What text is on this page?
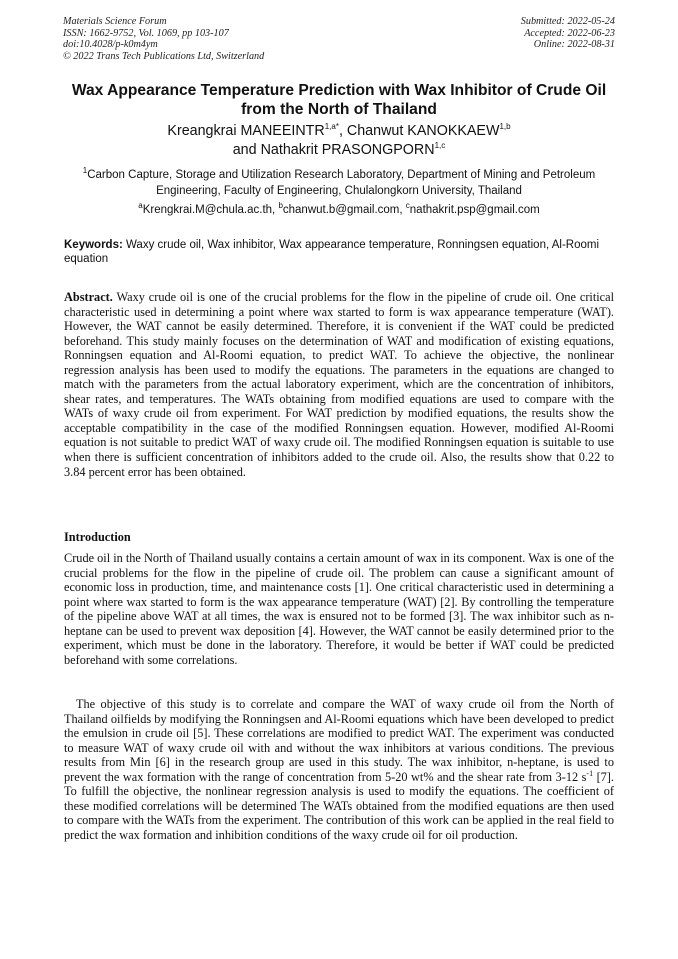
Materials Science Forum
ISSN: 1662-9752, Vol. 1069, pp 103-107
doi:10.4028/p-k0m4ym
© 2022 Trans Tech Publications Ltd, Switzerland
Submitted: 2022-05-24
Accepted: 2022-06-23
Online: 2022-08-31
Wax Appearance Temperature Prediction with Wax Inhibitor of Crude Oil from the North of Thailand
Kreangkrai $MANEEINTR^{1,a*}$, Chanwut KANOKKAEW$^{1,b}$
and Nathakrit PRASONGPORN$^{1,c}$
$^1$Carbon Capture, Storage and Utilization Research Laboratory, Department of Mining and Petroleum Engineering, Faculty of Engineering, Chulalongkorn University, Thailand
$^a$Krengkrai.M@chula.ac.th, $^b$chanwut.b@gmail.com, $^c$nathakrit.psp@gmail.com
Keywords: Waxy crude oil, Wax inhibitor, Wax appearance temperature, Ronningsen equation, Al-Roomi equation

Abstract. Waxy crude oil is one of the crucial problems for the flow in the pipeline of crude oil. One critical characteristic used in determining a point where wax started to form is wax appearance temperature (WAT). However, the WAT cannot be easily determined. Therefore, it is convenient if the WAT could be predicted beforehand. This study mainly focuses on the determination of WAT and modification of existing equations, Ronningsen equation and Al-Roomi equation, to predict WAT. To achieve the objective, the nonlinear regression analysis has been used to modify the equations. The parameters in the equations are changed to match with the parameters from the actual laboratory experiment, which are the concentration of inhibitors, shear rates, and temperatures. The WATs obtaining from modified equations are used to compare with the WATs of waxy crude oil from experiment. For WAT prediction by modified equations, the results show the acceptable compatibility in the case of the modified Ronningsen equation. However, modified Al-Roomi equation is not suitable to predict WAT of waxy crude oil. The modified Ronningsen equation is suitable to use when there is sufficient concentration of inhibitors added to the crude oil. Also, the results show that 0.22 to 3.84 percent error has been obtained.

Introduction

Crude oil in the North of Thailand usually contains a certain amount of wax in its component. Wax is one of the crucial problems for the flow in the pipeline of crude oil. The problem can cause a significant amount of economic loss in production, time, and maintenance costs [1]. One critical characteristic used in determining a point where wax started to form is the wax appearance temperature (WAT) [2]. By controlling the temperature of the pipeline above WAT at all times, the wax is ensured not to be formed [3]. The wax inhibitor such as n-heptane can be used to prevent wax deposition [4]. However, the WAT cannot be easily determined prior to the experiment, which must be done in the laboratory. Therefore, it would be better if WAT could be predicted beforehand with some correlations.

The objective of this study is to correlate and compare the WAT of waxy crude oil from the North of Thailand oilfields by modifying the Ronningsen and Al-Roomi equations which have been developed to predict the emulsion in crude oil [5]. These correlations are modified to predict WAT. The experiment was conducted to measure WAT of waxy crude oil with and without the wax inhibitors at various conditions. The previous results from Min [6] in the research group are used in this study. The wax inhibitor, n-heptane, is used to prevent the wax formation with the range of concentration from 5-20 wt% and the shear rate from 3-12 $s^{-1}$ [7]. To fulfill the objective, the nonlinear regression analysis is used to modify the equations. The coefficient of these modified correlations will be determined The WATs obtained from the modified equations are then used to compare with the WATs from the experiment. The contribution of this work can be applied in the real field to predict the wax formation and inhibition conditions of the waxy crude oil for oil production.
